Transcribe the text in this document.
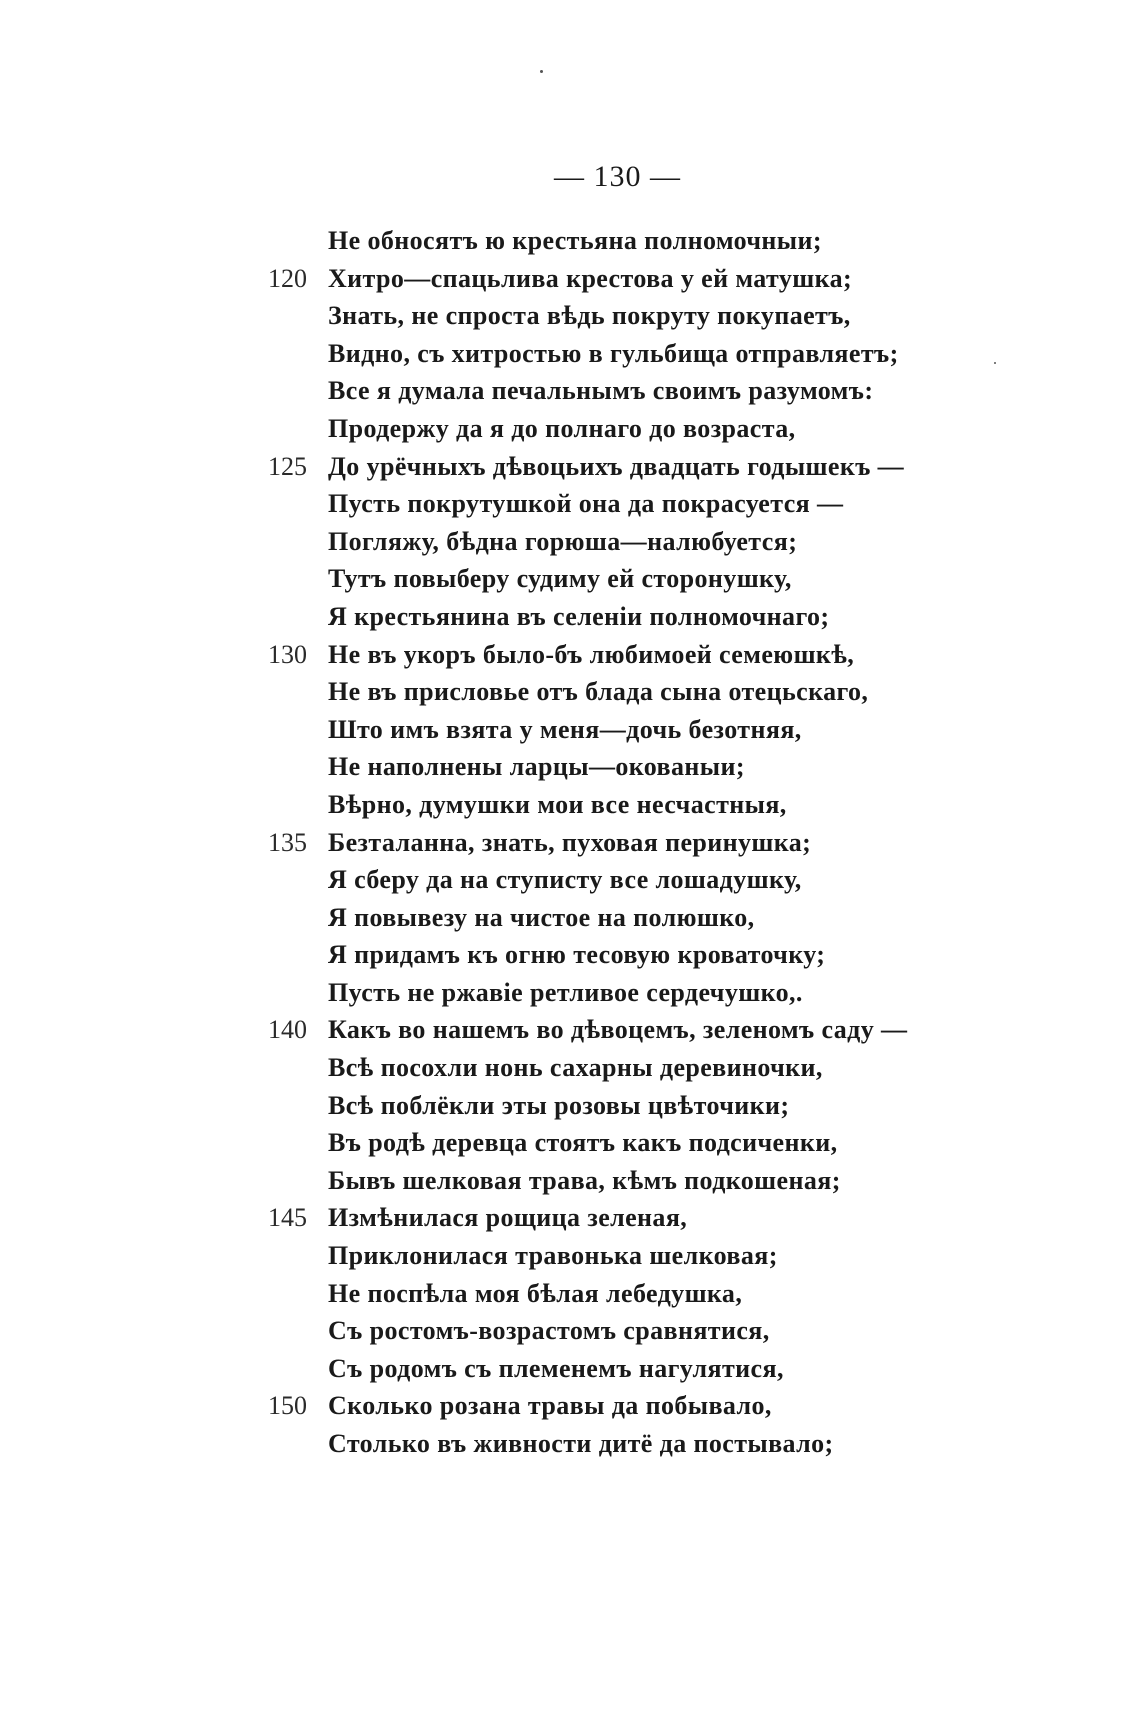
— 130 —
Не обносятъ ю крестьяна полномочныи;
120 Хитро—спацьлива крестова у ей матушка;
Знать, не спроста вѣдь покруту покупаетъ,
Видно, съ хитростью в гульбища отправляетъ;
Все я думала печальнымъ своимъ разумомъ:
Продержу да я до полнаго до возраста,
125 До урёчныхъ дѣвоцьихъ двадцать годышекъ —
Пусть покрутушкой она да покрасуется —
Погляжу, бѣдна горюша—налюбуется;
Тутъ повыберу судиму ей сторонушку,
Я крестьянина въ селеніи полномочнаго;
130 Не въ укоръ было-бъ любимоей семеюшкѣ,
Не въ присловье отъ блада сына отецьскаго,
Што имъ взята у меня—дочь безотняя,
Не наполнены ларцы—окованыи;
Вѣрно, думушки мои все несчастныя,
135 Безталанна, знать, пуховая перинушка;
Я сберу да на ступисту все лошадушку,
Я повывезу на чистое на полюшко,
Я придамъ къ огню тесовую кроваточку;
Пусть не ржавіе ретливое сердечушко,.
140 Какъ во нашемъ во дѣвоцемъ, зеленомъ саду —
Всѣ посохли нонь сахарны деревиночки,
Всѣ поблёкли эты розовы цвѣточики;
Въ родѣ деревца стоятъ какъ подсиченки,
Бывъ шелковая трава, кѣмъ подкошеная;
145 Измѣнилася рощица зеленая,
Приклонилася травонька шелковая;
Не поспѣла моя бѣлая лебедушка,
Съ ростомъ-возрастомъ сравнятися,
Съ родомъ съ племенемъ нагулятися,
150 Сколько розана травы да побывало,
Столько въ живности дитё да постывало;
